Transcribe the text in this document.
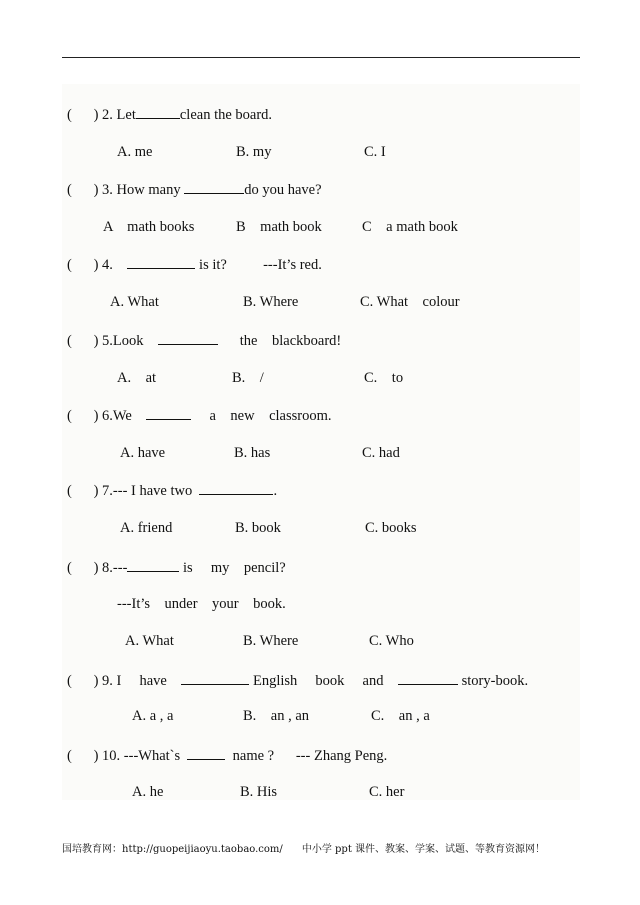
(      ) 2. Let	clean the board.
A. me	B. my	C. I
(      ) 3. How many	do you have?
A    math books	B    math book	C    a math book
(      ) 4.	is it?          ---It’s red.
A. What	B. Where	C. What    colour
(      ) 5.Look	the    blackboard!
A.    at	B.    /	C.    to
(      ) 6.We	a    new    classroom.
A. have	B. has	C. had
(      ) 7.--- I have two	.
A. friend	B. book	C. books
(      ) 8.---	is     my    pencil?
---It’s    under    your    book.
A. What	B. Where	C. Who
(      ) 9. I     have	English     book     and	story-book.
A. a , a	B.    an , an	C.    an , a
(      ) 10. ---What`s	name ?      --- Zhang Peng.
A. he	B. His	C. her
国培教育网：http://guopeijiaoyu.taobao.com/      中小学 ppt 课件、教案、学案、试题、等教育资源网！
